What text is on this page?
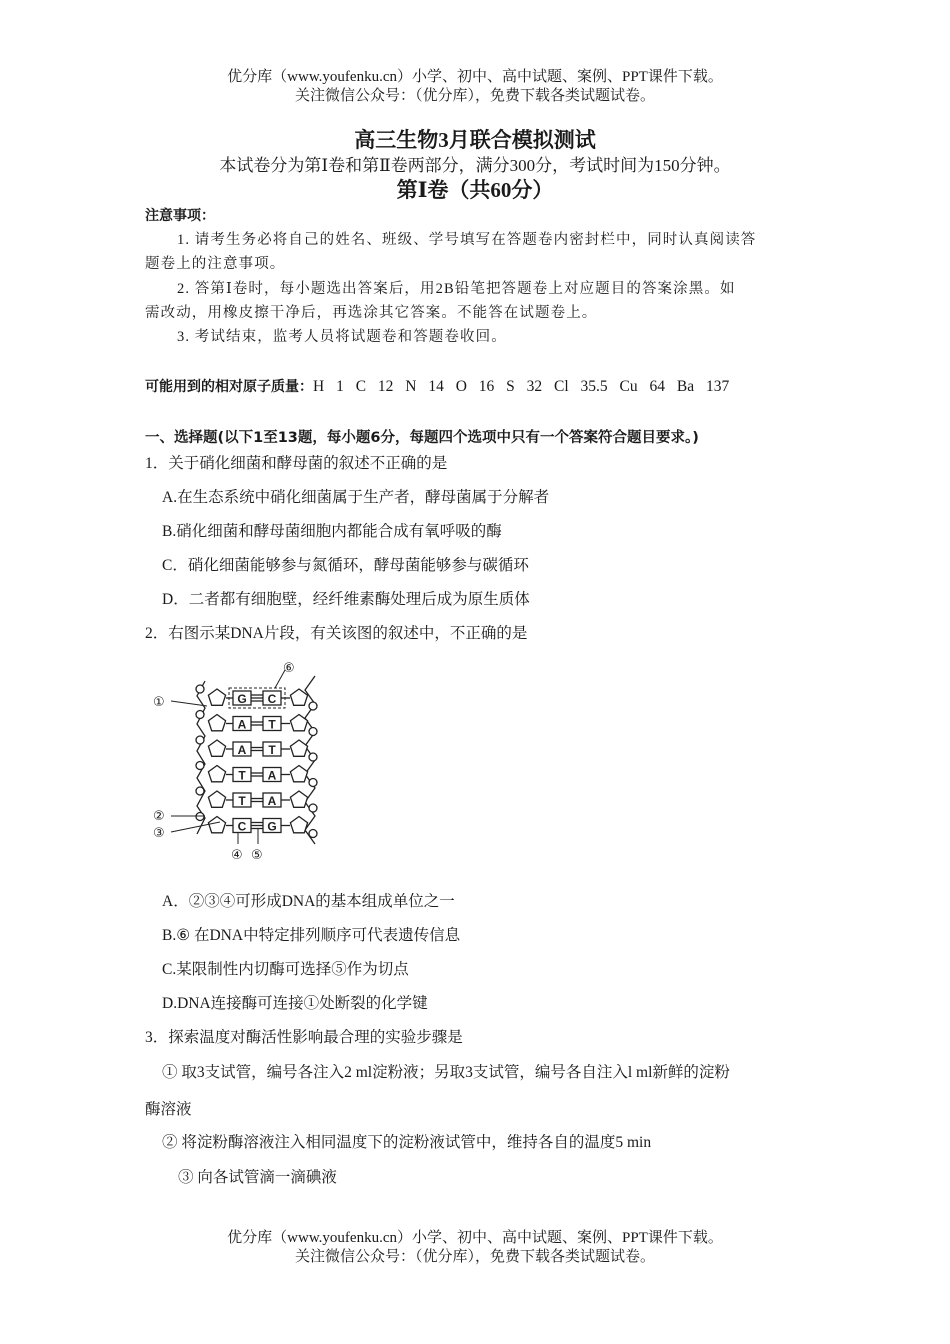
优分库（www.youfenku.cn）小学、初中、高中试题、案例、PPT课件下载。
关注微信公众号：（优分库），免费下载各类试题试卷。
高三生物3月联合模拟测试
本试卷分为第Ⅰ卷和第Ⅱ卷两部分，满分300分，考试时间为150分钟。
第Ⅰ卷（共60分）
注意事项：
1. 请考生务必将自己的姓名、班级、学号填写在答题卷内密封栏中，同时认真阅读答
题卷上的注意事项。
2. 答第Ⅰ卷时，每小题选出答案后，用2B铅笔把答题卷上对应题目的答案涂黑。如
需改动，用橡皮擦干净后，再选涂其它答案。不能答在试题卷上。
3. 考试结束，监考人员将试题卷和答题卷收回。
可能用到的相对原子质量：H 1 C 12 N 14 O 16 S 32 Cl 35.5 Cu 64 Ba 137
一、选择题(以下1至13题，每小题6分，每题四个选项中只有一个答案符合题目要求。)
1．关于硝化细菌和酵母菌的叙述不正确的是
A.在生态系统中硝化细菌属于生产者，酵母菌属于分解者
B.硝化细菌和酵母菌细胞内都能合成有氧呼吸的酶
C．硝化细菌能够参与氮循环，酵母菌能够参与碳循环
D．二者都有细胞壁，经纤维素酶处理后成为原生质体
2．右图示某DNA片段，有关该图的叙述中，不正确的是
G C
A T
A T
T A
T A
C G
①
②
③
④ ⑤
⑥
A．②③④可形成DNA的基本组成单位之一
B.⑥ 在DNA中特定排列顺序可代表遗传信息
C.某限制性内切酶可选择⑤作为切点
D.DNA连接酶可连接①处断裂的化学键
3．探索温度对酶活性影响最合理的实验步骤是
① 取3支试管，编号各注入2 ml淀粉液；另取3支试管，编号各自注入l ml新鲜的淀粉
酶溶液
② 将淀粉酶溶液注入相同温度下的淀粉液试管中，维持各自的温度5 min
③ 向各试管滴一滴碘液
优分库（www.youfenku.cn）小学、初中、高中试题、案例、PPT课件下载。
关注微信公众号：（优分库），免费下载各类试题试卷。
